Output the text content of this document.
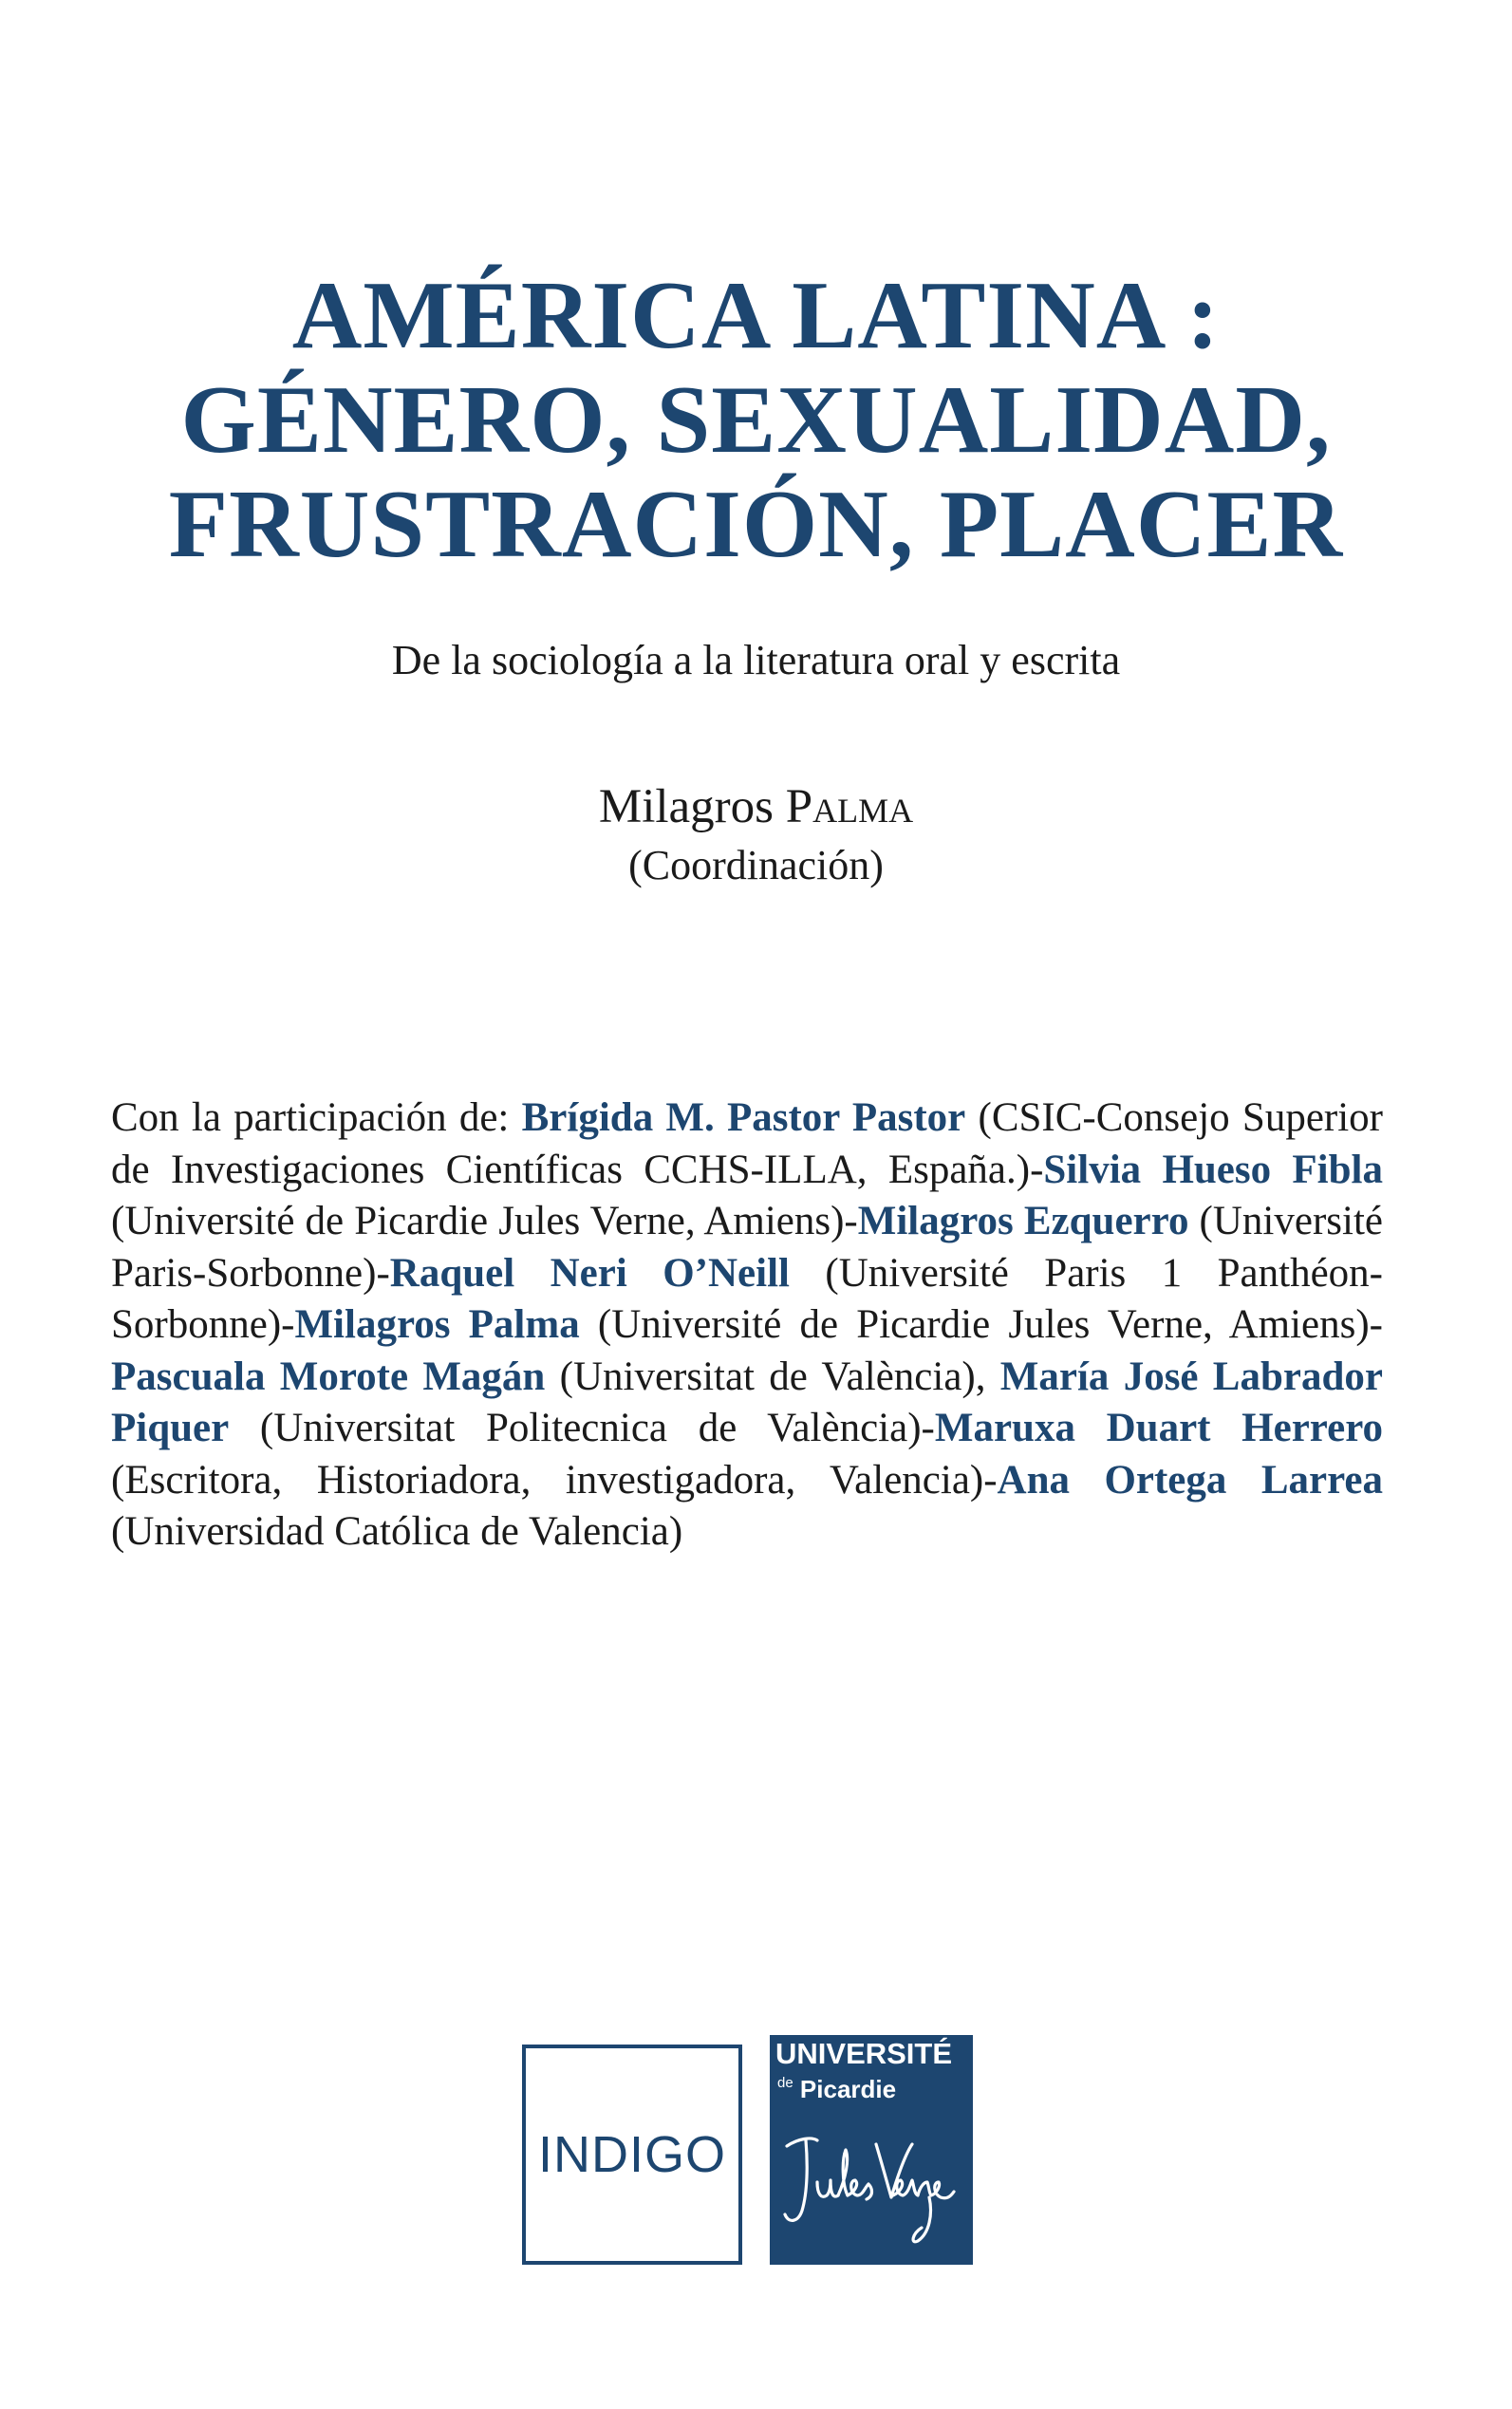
AMÉRICA LATINA :
GÉNERO, SEXUALIDAD,
FRUSTRACIÓN, PLACER
De la sociología a la literatura oral y escrita
Milagros Palma
(Coordinación)

Con la participación de: Brígida M. Pastor Pastor (CSIC-Consejo Superior de Investigaciones Científicas CCHS-ILLA, España.)-Silvia Hueso Fibla (Université de Picardie Jules Verne, Amiens)-Milagros Ezquerro (Université Paris-Sorbonne)-Raquel Neri O’Neill (Université Paris 1 Panthéon-Sorbonne)-Milagros Palma (Université de Picardie Jules Verne, Amiens)-Pascuala Morote Magán (Universitat de València), María José Labrador Piquer (Universitat Politecnica de València)-Maruxa Duart Herrero (Escritora, Historiadora, investigadora, Valencia)-Ana Ortega Larrea (Universidad Católica de Valencia)

INDIGO
UNIVERSITÉ
$^{de}$ Picardie
